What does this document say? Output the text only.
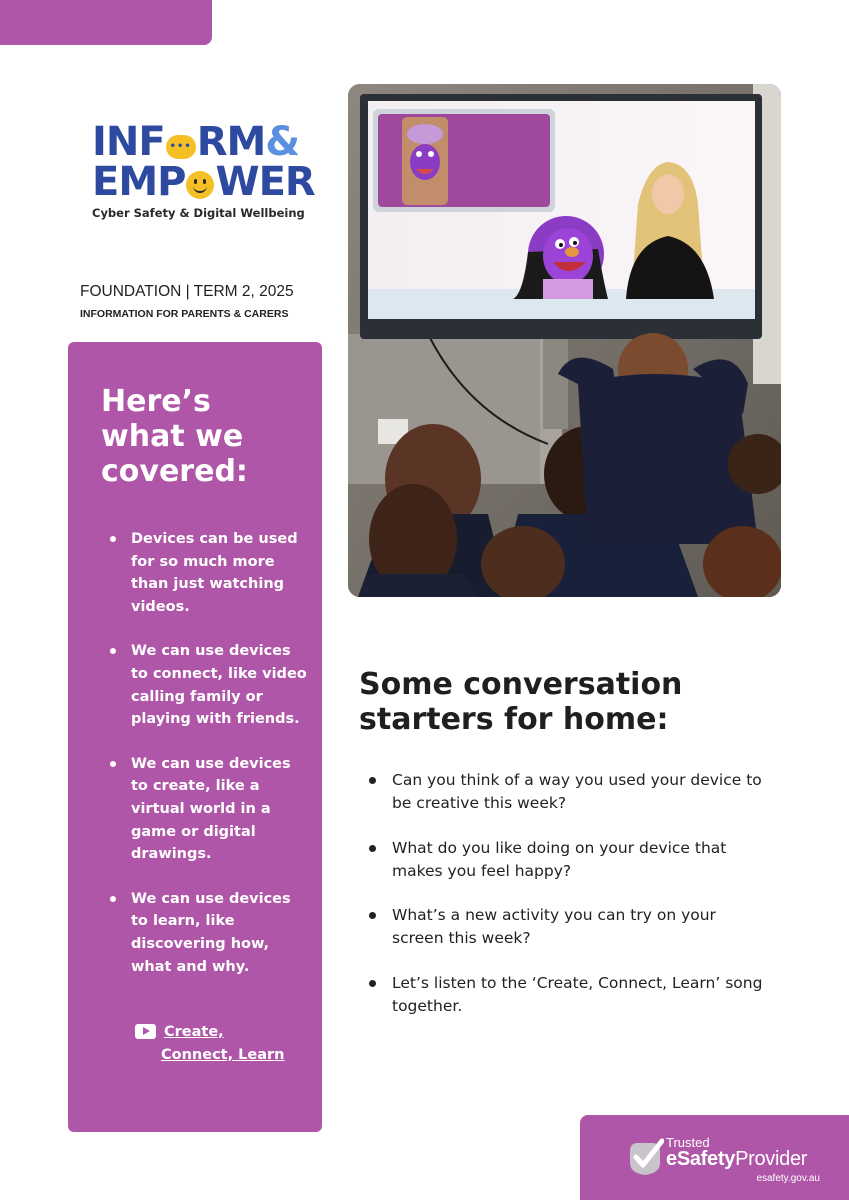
INF••• RM&
EMP WER
Cyber Safety & Digital Wellbeing
FOUNDATION | TERM 2, 2025
INFORMATION FOR PARENTS & CARERS
Here’s
what we
covered:
Devices can be used for so much more than just watching videos.
We can use devices to connect, like video calling family or playing with friends.
We can use devices to create, like a virtual world in a game or digital drawings.
We can use devices to learn, like discovering how, what and why.
Create,
Connect, Learn
Some conversation
starters for home:
Can you think of a way you used your device to be creative this week?
What do you like doing on your device that makes you feel happy?
What’s a new activity you can try on your screen this week?
Let’s listen to the ‘Create, Connect, Learn’ song together.
Trusted
eSafetyProvider
esafety.gov.au
